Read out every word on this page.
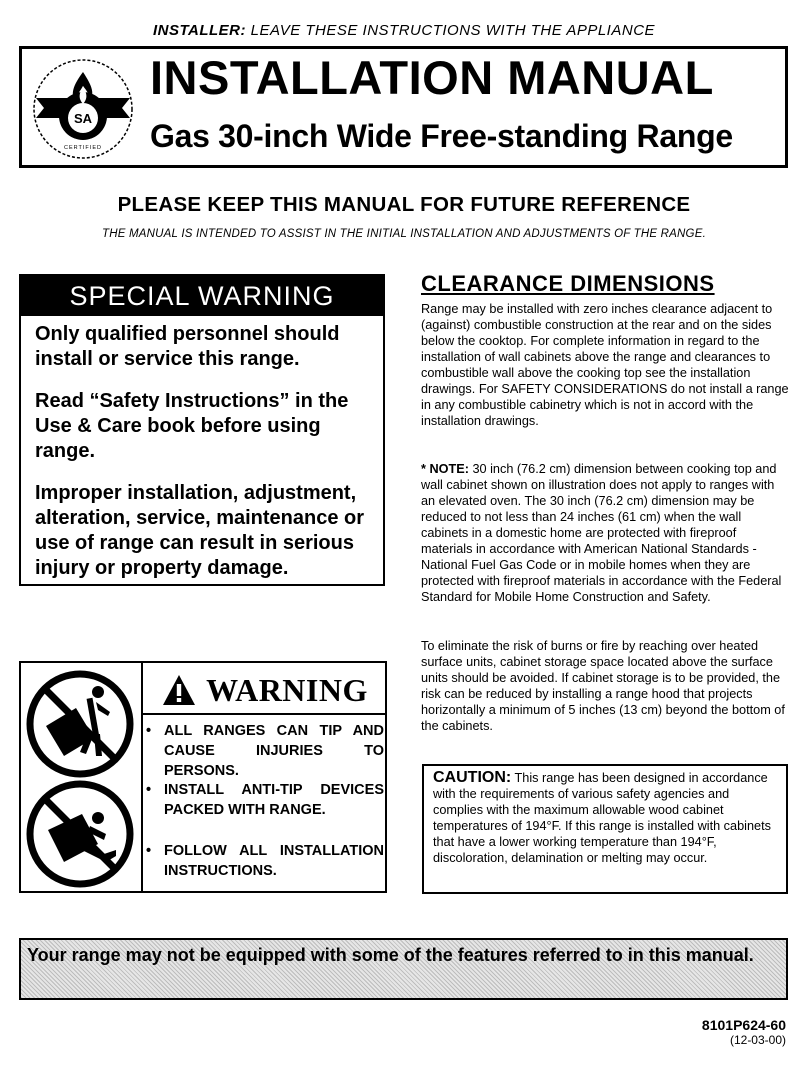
INSTALLER: LEAVE THESE INSTRUCTIONS WITH THE APPLIANCE
SA
CERTIFIED
INSTALLATION MANUAL
Gas 30-inch Wide Free-standing Range
PLEASE KEEP THIS MANUAL FOR FUTURE REFERENCE
THE MANUAL IS INTENDED TO ASSIST IN THE INITIAL INSTALLATION AND ADJUSTMENTS OF THE RANGE.
SPECIAL WARNING
Only qualified personnel should install or service this range.
Read “Safety Instructions” in the Use & Care book before using range.
Improper installation, adjustment, alteration, service, maintenance or use of range can result in serious injury or property damage.
WARNING
• ALL RANGES CAN TIP AND CAUSE INJURIES TO PERSONS.
• INSTALL ANTI-TIP DEVICES PACKED WITH RANGE.
• FOLLOW ALL INSTALLATION INSTRUCTIONS.
CLEARANCE DIMENSIONS
Range may be installed with zero inches clearance adjacent to (against) combustible construction at the rear and on the sides below the cooktop. For complete information in regard to the installation of wall cabinets above the range and clearances to combustible wall above the cooking top see the installation drawings. For SAFETY CONSIDERATIONS do not install a range in any combustible cabinetry which is not in accord with the installation drawings.
* NOTE: 30 inch (76.2 cm) dimension between cooking top and wall cabinet shown on illustration does not apply to ranges with an elevated oven. The 30 inch (76.2 cm) dimension may be reduced to not less than 24 inches (61 cm) when the wall cabinets in a domestic home are protected with fireproof materials in accordance with American National Standards - National Fuel Gas Code or in mobile homes when they are protected with fireproof materials in accordance with the Federal Standard for Mobile Home Construction and Safety.
To eliminate the risk of burns or fire by reaching over heated surface units, cabinet storage space located above the surface units should be avoided. If cabinet storage is to be provided, the risk can be reduced by installing a range hood that projects horizontally a minimum of 5 inches (13 cm) beyond the bottom of the cabinets.
CAUTION: This range has been designed in accordance with the requirements of various safety agencies and complies with the maximum allowable wood cabinet temperatures of 194°F. If this range is installed with cabinets that have a lower working temperature than 194°F, discoloration, delamination or melting may occur.
Your range may not be equipped with some of the features referred to in this manual.
8101P624-60
(12-03-00)
